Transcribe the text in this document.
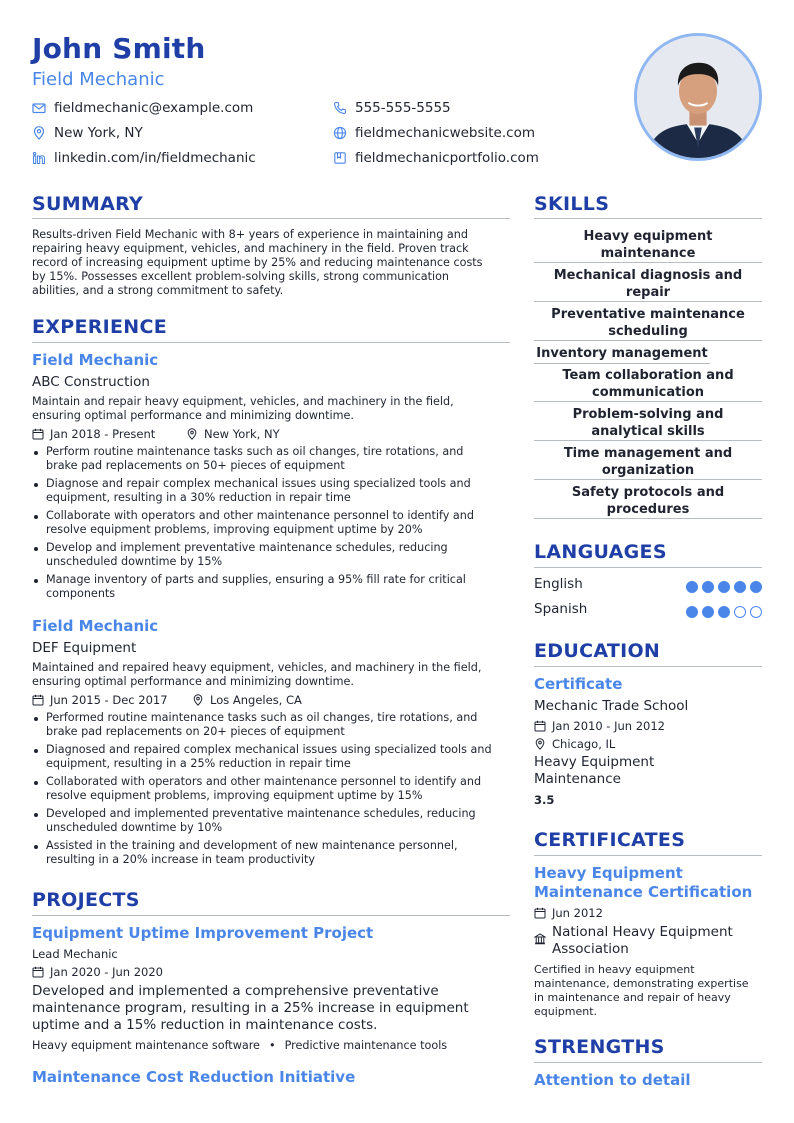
John Smith
Field Mechanic
fieldmechanic@example.com	555-555-5555
New York, NY	fieldmechanicwebsite.com
linkedin.com/in/fieldmechanic	fieldmechanicportfolio.com
SUMMARY
Results-driven Field Mechanic with 8+ years of experience in maintaining and
repairing heavy equipment, vehicles, and machinery in the field. Proven track
record of increasing equipment uptime by 25% and reducing maintenance costs
by 15%. Possesses excellent problem-solving skills, strong communication
abilities, and a strong commitment to safety.
EXPERIENCE
Field Mechanic
ABC Construction
Maintain and repair heavy equipment, vehicles, and machinery in the field,
ensuring optimal performance and minimizing downtime.
Jan 2018 - Present	New York, NY
Perform routine maintenance tasks such as oil changes, tire rotations, and
brake pad replacements on 50+ pieces of equipment
Diagnose and repair complex mechanical issues using specialized tools and
equipment, resulting in a 30% reduction in repair time
Collaborate with operators and other maintenance personnel to identify and
resolve equipment problems, improving equipment uptime by 20%
Develop and implement preventative maintenance schedules, reducing
unscheduled downtime by 15%
Manage inventory of parts and supplies, ensuring a 95% fill rate for critical
components
Field Mechanic
DEF Equipment
Maintained and repaired heavy equipment, vehicles, and machinery in the field,
ensuring optimal performance and minimizing downtime.
Jun 2015 - Dec 2017	Los Angeles, CA
Performed routine maintenance tasks such as oil changes, tire rotations, and
brake pad replacements on 20+ pieces of equipment
Diagnosed and repaired complex mechanical issues using specialized tools and
equipment, resulting in a 25% reduction in repair time
Collaborated with operators and other maintenance personnel to identify and
resolve equipment problems, improving equipment uptime by 15%
Developed and implemented preventative maintenance schedules, reducing
unscheduled downtime by 10%
Assisted in the training and development of new maintenance personnel,
resulting in a 20% increase in team productivity
PROJECTS
Equipment Uptime Improvement Project
Lead Mechanic
Jan 2020 - Jun 2020
Developed and implemented a comprehensive preventative
maintenance program, resulting in a 25% increase in equipment
uptime and a 15% reduction in maintenance costs.
Heavy equipment maintenance software • Predictive maintenance tools
Maintenance Cost Reduction Initiative
SKILLS
Heavy equipment
maintenance
Mechanical diagnosis and
repair
Preventative maintenance
scheduling
Inventory management
Team collaboration and
communication
Problem-solving and
analytical skills
Time management and
organization
Safety protocols and
procedures
LANGUAGES
English
Spanish
EDUCATION
Certificate
Mechanic Trade School
Jan 2010 - Jun 2012
Chicago, IL
Heavy Equipment
Maintenance
3.5
CERTIFICATES
Heavy Equipment
Maintenance Certification
Jun 2012
National Heavy Equipment
Association
Certified in heavy equipment
maintenance, demonstrating expertise
in maintenance and repair of heavy
equipment.
STRENGTHS
Attention to detail
